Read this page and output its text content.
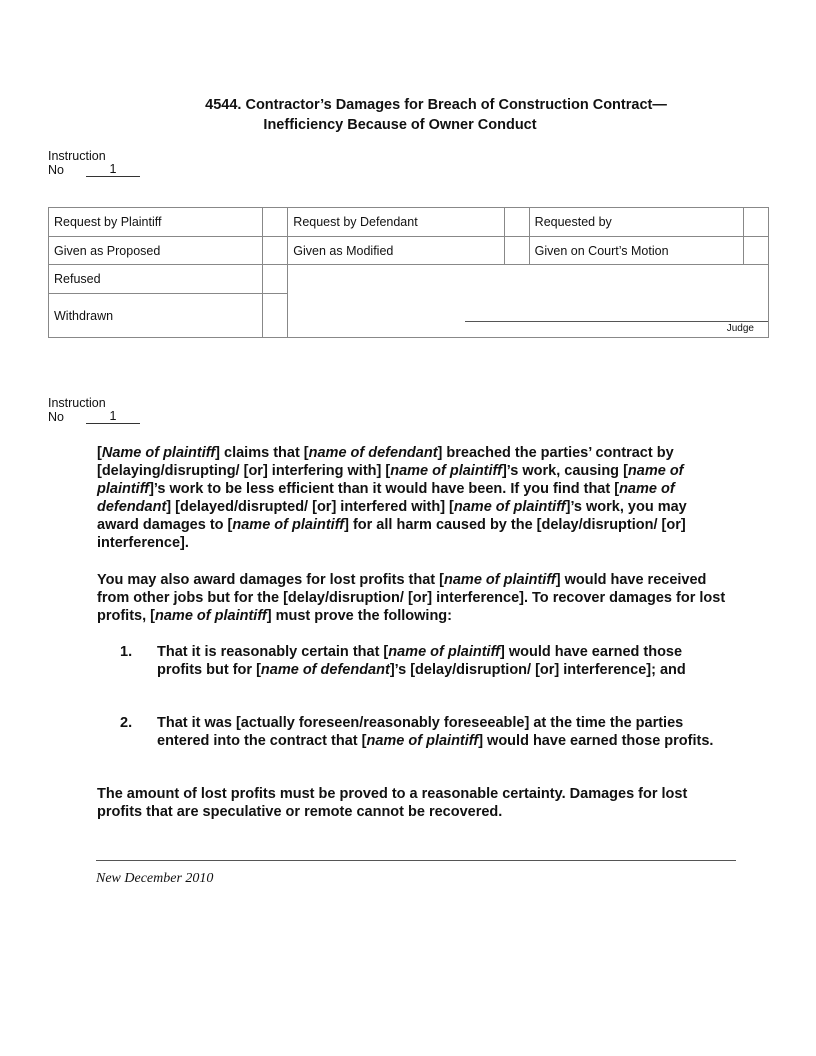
4544. Contractor’s Damages for Breach of Construction Contract—
Inefficiency Because of Owner Conduct
Instruction
No	1
Request by Plaintiff		Request by Defendant		Requested by	
Given as Proposed		Given as Modified		Given on Court’s Motion	
Refused		Judge			

Withdrawn					
Instruction
No	1
[Name of plaintiff] claims that [name of defendant] breached the parties’ contract by [delaying/disrupting/ [or] interfering with] [name of plaintiff]’s work, causing [name of plaintiff]’s work to be less efficient than it would have been. If you find that [name of defendant] [delayed/disrupted/ [or] interfered with] [name of plaintiff]’s work, you may award damages to [name of plaintiff] for all harm caused by the [delay/disruption/ [or] interference].
You may also award damages for lost profits that [name of plaintiff] would have received from other jobs but for the [delay/disruption/ [or] interference]. To recover damages for lost profits, [name of plaintiff] must prove the following:
1.	That it is reasonably certain that [name of plaintiff] would have earned those profits but for [name of defendant]’s [delay/disruption/ [or] interference]; and
2.	That it was [actually foreseen/reasonably foreseeable] at the time the parties entered into the contract that [name of plaintiff] would have earned those profits.
The amount of lost profits must be proved to a reasonable certainty. Damages for lost profits that are speculative or remote cannot be recovered.
New December 2010
